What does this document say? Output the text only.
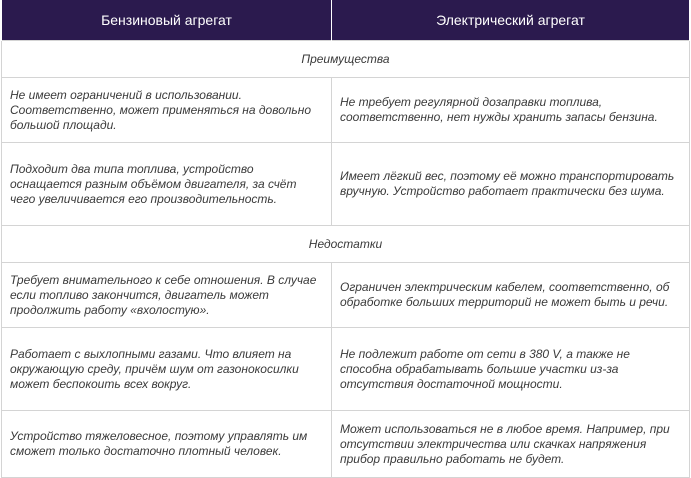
Бензиновый агрегат	Электрический агрегат
Преимущества	
Не имеет ограничений в использовании. Соответственно, может применяться на довольно большой площади.	Не требует регулярной дозаправки топлива, соответственно, нет нужды хранить запасы бензина.
Подходит два типа топлива, устройство оснащается разным объёмом двигателя, за счёт чего увеличивается его производительность.	Имеет лёгкий вес, поэтому её можно транспортировать вручную. Устройство работает практически без шума.
Недостатки	
Требует внимательного к себе отношения. В случае если топливо закончится, двигатель может продолжить работу «вхолостую».	Ограничен электрическим кабелем, соответственно, об обработке больших территорий не может быть и речи.
Работает с выхлопными газами. Что влияет на окружающую среду, причём шум от газонокосилки может беспокоить всех вокруг.	Не подлежит работе от сети в 380 V, а также не способна обрабатывать большие участки из-за отсутствия достаточной мощности.
Устройство тяжеловесное, поэтому управлять им сможет только достаточно плотный человек.	Может использоваться не в любое время. Например, при отсутствии электричества или скачках напряжения прибор правильно работать не будет.
